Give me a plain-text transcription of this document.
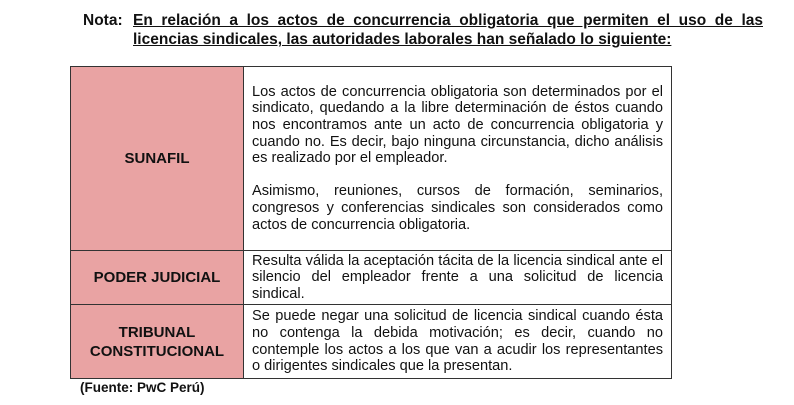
Nota: En relación a los actos de concurrencia obligatoria que permiten el uso de las licencias sindicales, las autoridades laborales han señalado lo siguiente:
SUNAFIL	Los actos de concurrencia obligatoria son determinados por el sindicato, quedando a la libre determinación de éstos cuando nos encontramos ante un acto de concurrencia obligatoria y cuando no. Es decir, bajo ninguna circunstancia, dicho análisis es realizado por el empleador.

Asimismo, reuniones, cursos de formación, seminarios, congresos y conferencias sindicales son considerados como actos de concurrencia obligatoria.

PODER JUDICIAL	Resulta válida la aceptación tácita de la licencia sindical ante el silencio del empleador frente a una solicitud de licencia sindical.

TRIBUNAL
CONSTITUCIONAL	Se puede negar una solicitud de licencia sindical cuando ésta no contenga la debida motivación; es decir, cuando no contemple los actos a los que van a acudir los representantes o dirigentes sindicales que la presentan.

(Fuente: PwC Perú)
